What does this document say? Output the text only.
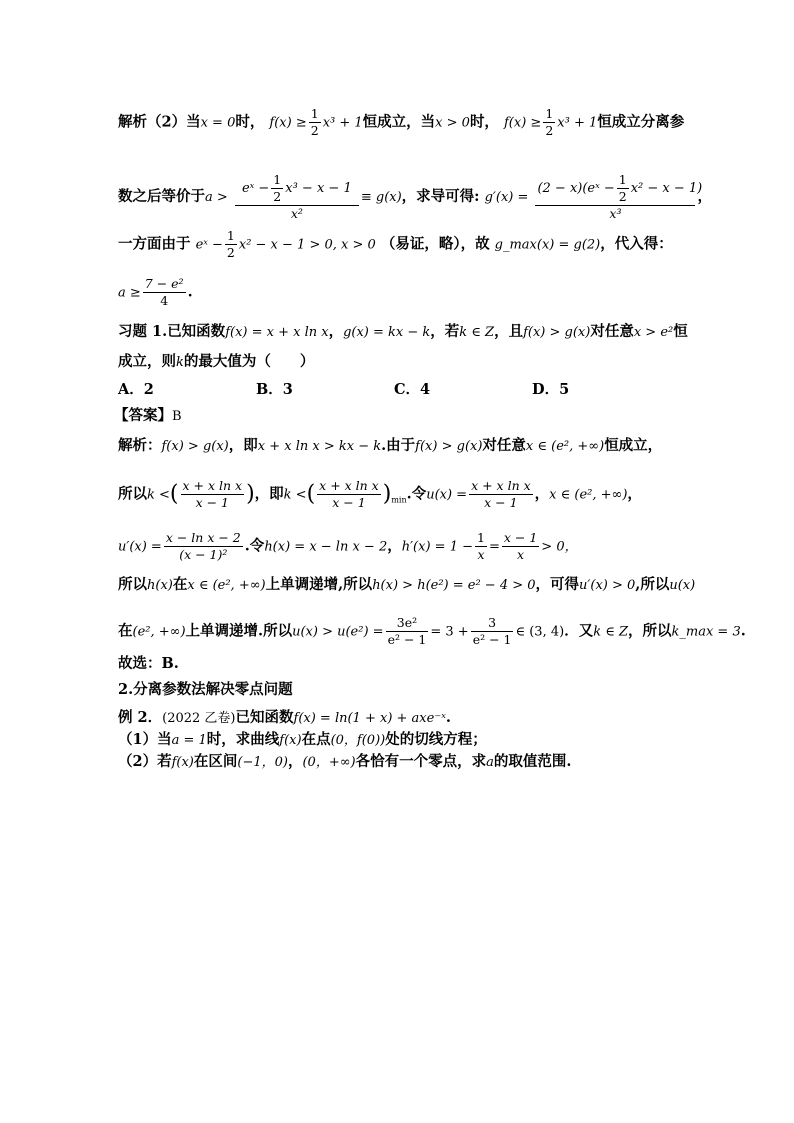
解析（2）当x = 0时， $f(x) \ge \frac{1}{2} x^3 + 1$恒成立，当x > 0时， $f(x) \ge \frac{1}{2} x^3 + 1$恒成立分离参
数之后等价于$a > \frac{eˣ - \frac{1}{2} x^3 - x - 1}{\text{x²}} \equiv g(x)$，求导可得: $g'(x) = \frac{(2 - x)(eˣ - \frac{1}{2} x^2 - x - 1)}{\text{x³}}$ ，
一方面由于 eˣ − $\frac{1}{2} x^2 - x - 1 > 0$, x > 0 （易证，略），故 g_max(x) = g(2)，代入得：
$a \ge \frac{\text{7 − e²}}{4}$ .
习题 1.已知函数f(x) = x + x ln x，g(x) = kx − k，若k ∈ Z，且f(x) > g(x)对任意x > e²恒
成立，则k的最大值为（　　）
A．2	B．3	C．4	D．5
【答案】B
解析：f(x) > g(x)，即x + x ln x > kx − k.由于f(x) > g(x)对任意x ∈ (e², +∞)恒成立，
所以k <( $\frac{\text{x + x ln x}}{x - 1}$ )，即k <( $\frac{\text{x + x ln x}}{x - 1} )_{min}$.令$u(x) = \frac{\text{x + x ln x}}{x - 1}$ ，x ∈ (e², +∞)，
$u'(x) = \frac{\text{x − ln x − 2}}{\text{(x − 1)²}}$ .令h(x) = x − ln x − 2，$h'(x) = 1 - \frac{1}{x} = \frac{x - 1}{x} > 0$，
所以h(x)在x ∈ (e², +∞)上单调递增,所以h(x) > h(e²) = e² − 4 > 0，可得u′(x) > 0,所以u(x)
在(e², +∞)上单调递增.所以$u(x) > u(e^2) = \frac{\text{3e²}}{\text{e² − 1}} = 3 + \frac{3}{\text{e² − 1}}$ ∈ (3, 4)．又k ∈ Z，所以k_max = 3.
故选：B.
2.分离参数法解决零点问题
例 2．(2022 乙卷)已知函数f(x) = ln(1 + x) + axe⁻ˣ.
（1）当a = 1时，求曲线f(x)在点(0，f(0))处的切线方程；
（2）若f(x)在区间(−1，0)，(0，+∞)各恰有一个零点，求a的取值范围.
